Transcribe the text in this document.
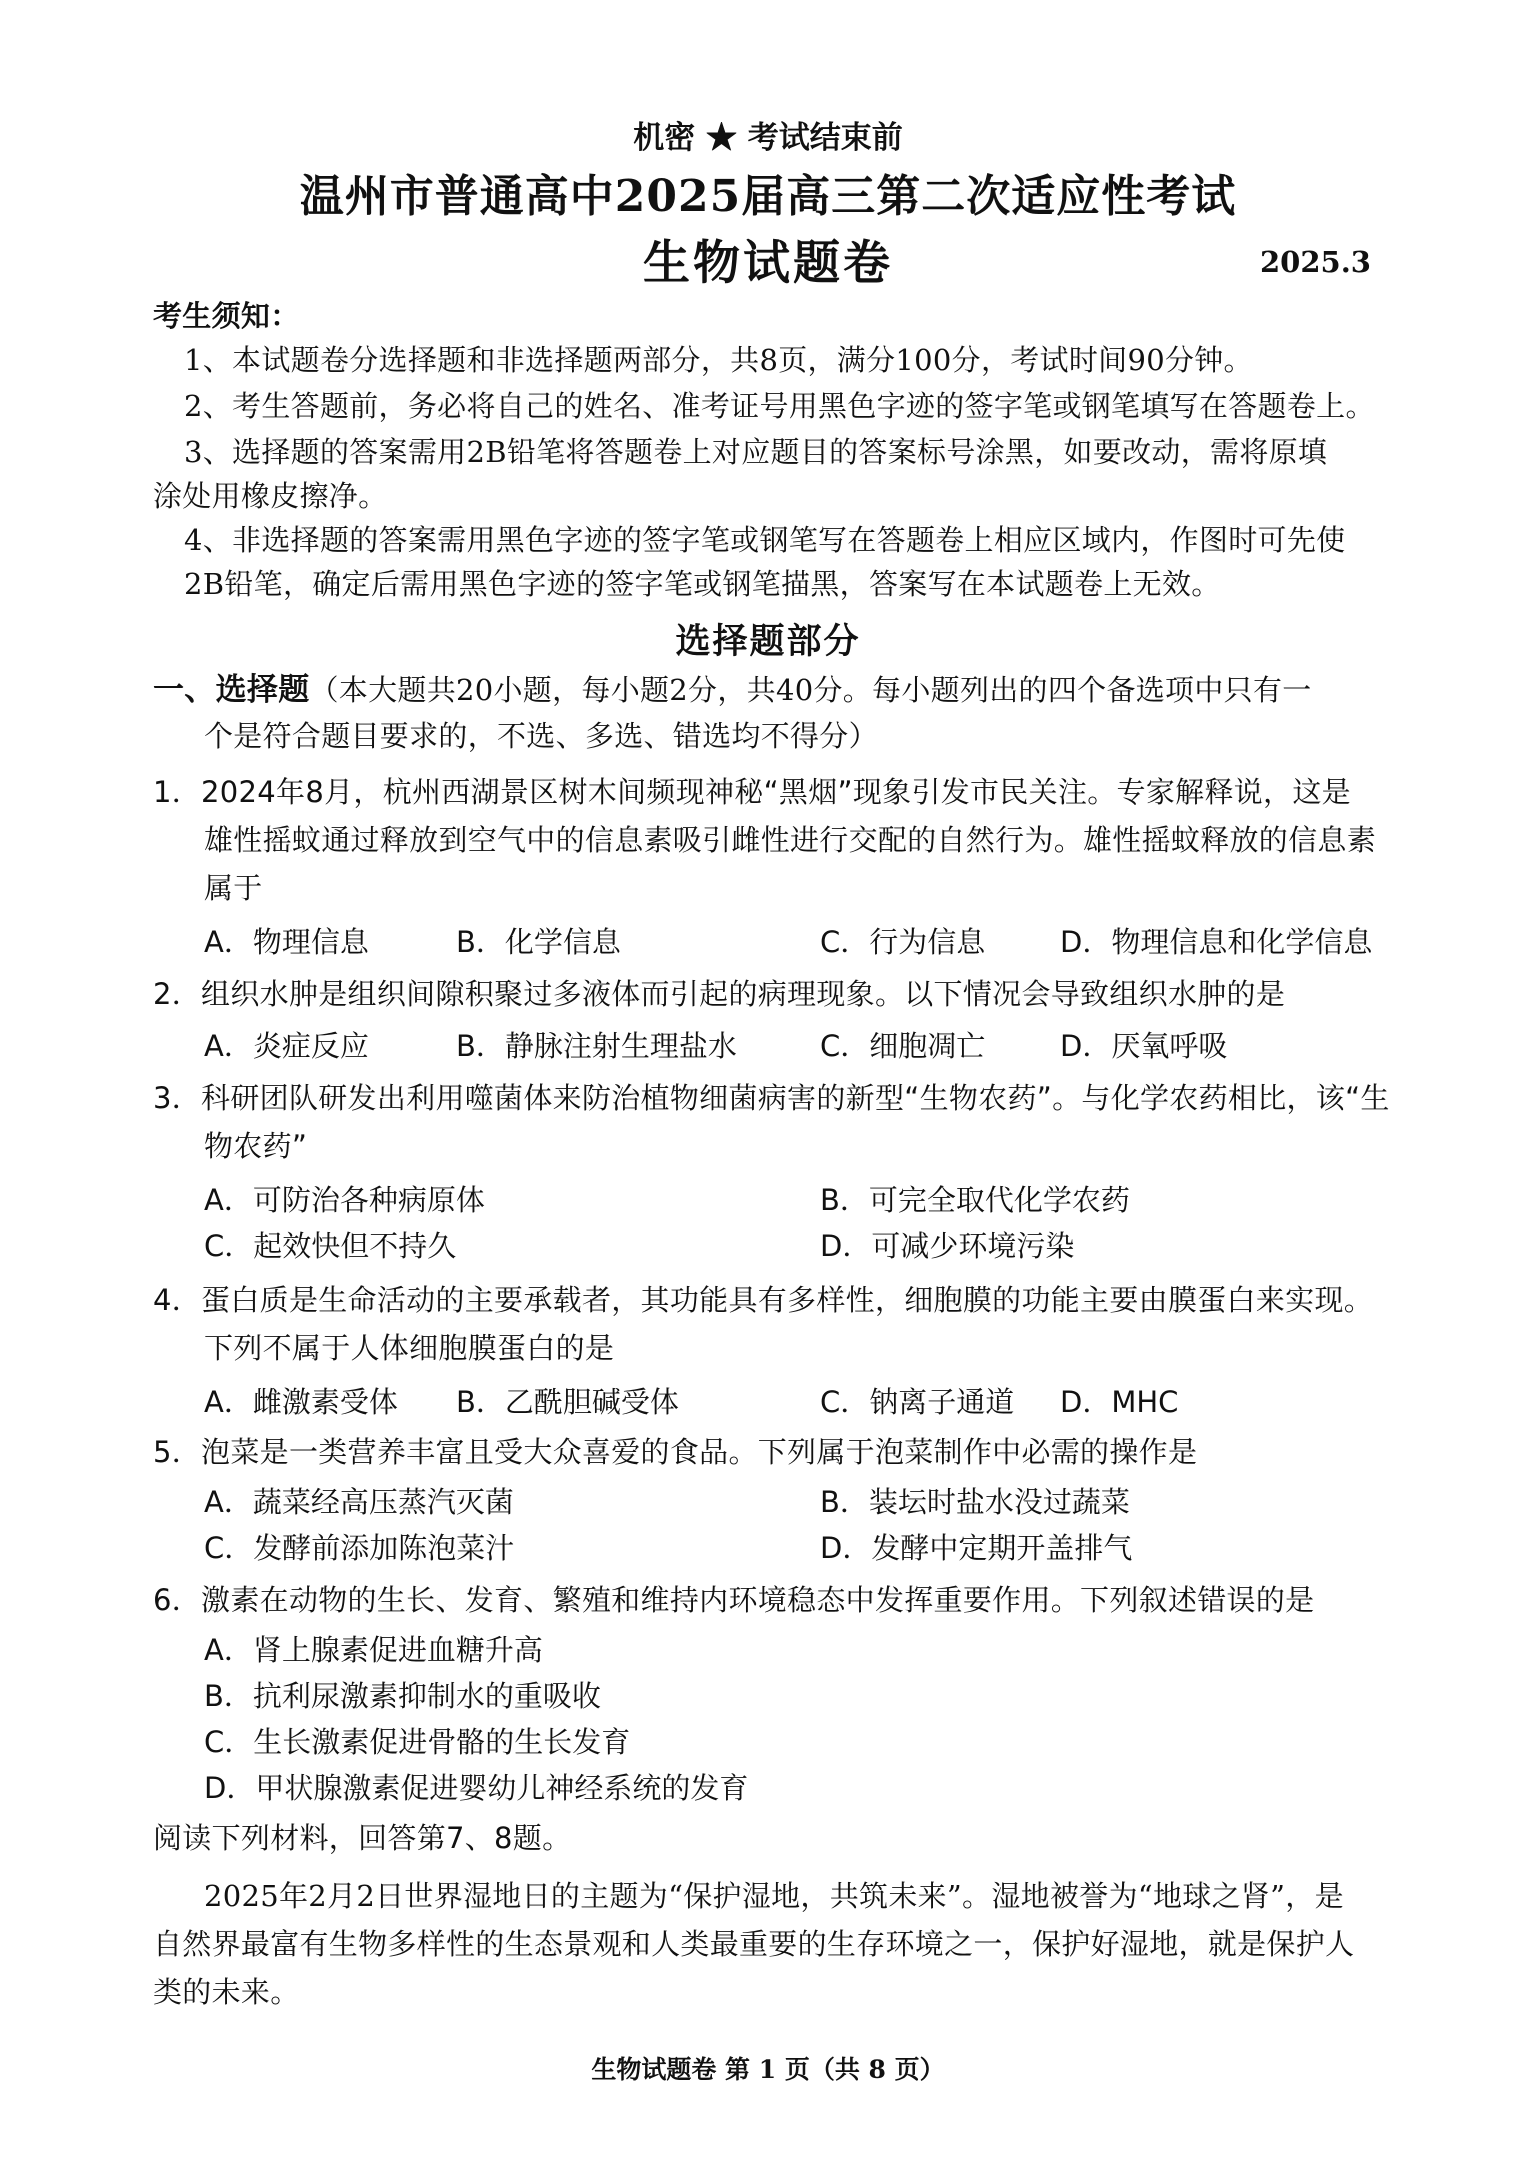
机密 ★ 考试结束前
温州市普通高中2025届高三第二次适应性考试
生物试题卷	2025.3
考生须知：
1、本试题卷分选择题和非选择题两部分，共8页，满分100分，考试时间90分钟。
2、考生答题前，务必将自己的姓名、准考证号用黑色字迹的签字笔或钢笔填写在答题卷上。
3、选择题的答案需用2B铅笔将答题卷上对应题目的答案标号涂黑，如要改动，需将原填
涂处用橡皮擦净。
4、非选择题的答案需用黑色字迹的签字笔或钢笔写在答题卷上相应区域内，作图时可先使
2B铅笔，确定后需用黑色字迹的签字笔或钢笔描黑，答案写在本试题卷上无效。
选择题部分
一、选择题（本大题共20小题，每小题2分，共40分。每小题列出的四个备选项中只有一
个是符合题目要求的，不选、多选、错选均不得分）
1．2024年8月，杭州西湖景区树木间频现神秘“黑烟”现象引发市民关注。专家解释说，这是
雄性摇蚊通过释放到空气中的信息素吸引雌性进行交配的自然行为。雄性摇蚊释放的信息素
属于
A．物理信息	B．化学信息	C．行为信息	D．物理信息和化学信息
2．组织水肿是组织间隙积聚过多液体而引起的病理现象。以下情况会导致组织水肿的是
A．炎症反应	B．静脉注射生理盐水	C．细胞凋亡	D．厌氧呼吸
3．科研团队研发出利用噬菌体来防治植物细菌病害的新型“生物农药”。与化学农药相比，该“生
物农药”
A．可防治各种病原体	B．可完全取代化学农药
C．起效快但不持久	D．可减少环境污染
4．蛋白质是生命活动的主要承载者，其功能具有多样性，细胞膜的功能主要由膜蛋白来实现。
下列不属于人体细胞膜蛋白的是
A．雌激素受体 B．乙酰胆碱受体	C．钠离子通道 D．MHC
5．泡菜是一类营养丰富且受大众喜爱的食品。下列属于泡菜制作中必需的操作是
A．蔬菜经高压蒸汽灭菌	B．装坛时盐水没过蔬菜
C．发酵前添加陈泡菜汁	D．发酵中定期开盖排气
6．激素在动物的生长、发育、繁殖和维持内环境稳态中发挥重要作用。下列叙述错误的是
A．肾上腺素促进血糖升高
B．抗利尿激素抑制水的重吸收
C．生长激素促进骨骼的生长发育
D．甲状腺激素促进婴幼儿神经系统的发育
阅读下列材料，回答第7、8题。
2025年2月2日世界湿地日的主题为“保护湿地，共筑未来”。湿地被誉为“地球之肾”，是
自然界最富有生物多样性的生态景观和人类最重要的生存环境之一，保护好湿地，就是保护人
类的未来。
生物试题卷 第 1 页（共 8 页）
